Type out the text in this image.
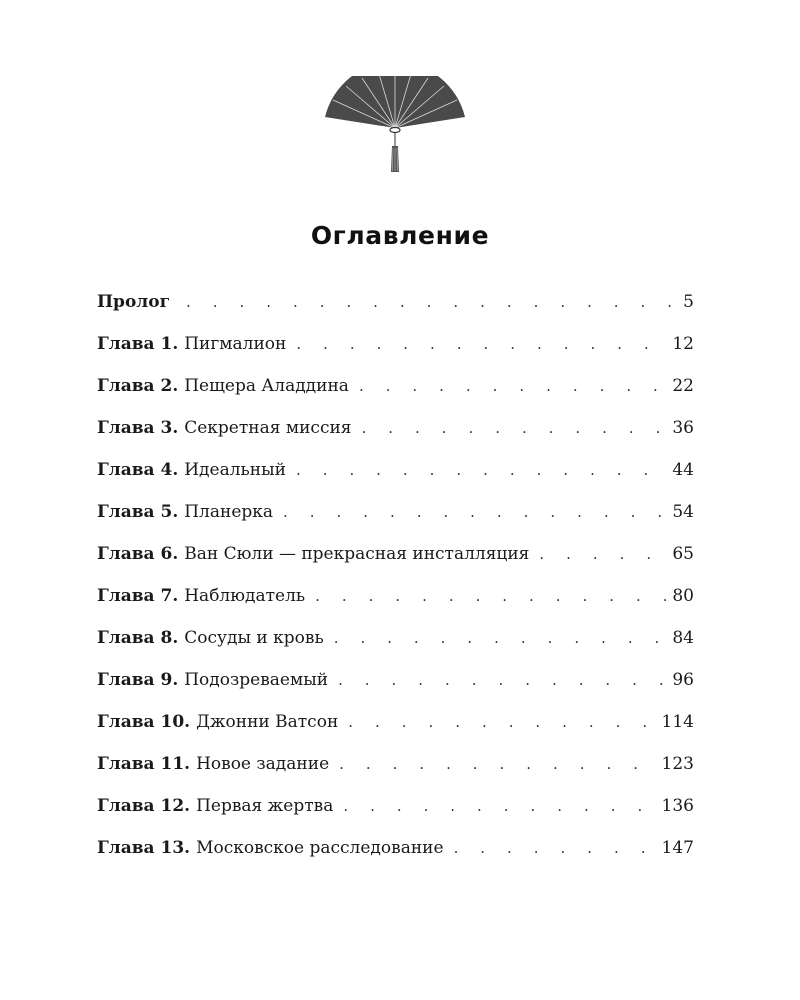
Оглавление
Пролог . . .	5
Глава 1. Пигмалион . . .	12
Глава 2. Пещера Аладдина . . .	22
Глава 3. Секретная миссия . . .	36
Глава 4. Идеальный . . .	44
Глава 5. Планерка . . .	54
Глава 6. Ван Сюли — прекрасная инсталляция . . .	65
Глава 7. Наблюдатель . . .	80
Глава 8. Сосуды и кровь . . .	84
Глава 9. Подозреваемый . . .	96
Глава 10. Джонни Ватсон . . .	114
Глава 11. Новое задание . . .	123
Глава 12. Первая жертва . . .	136
Глава 13. Московское расследование . . .	147
